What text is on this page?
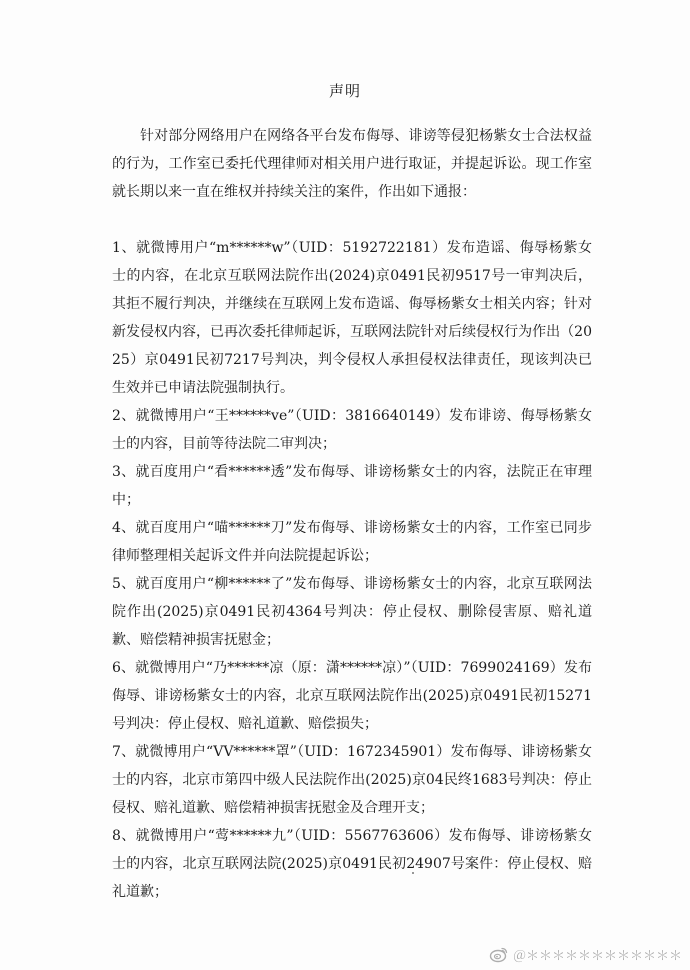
声明

针对部分网络用户在网络各平台发布侮辱、诽谤等侵犯杨紫女士合法权益的行为，工作室已委托代理律师对相关用户进行取证，并提起诉讼。现工作室就长期以来一直在维权并持续关注的案件，作出如下通报：

1、就微博用户“m******w”（UID：5192722181）发布造谣、侮辱杨紫女士的内容，在北京互联网法院作出(2024)京0491民初9517号一审判决后，其拒不履行判决，并继续在互联网上发布造谣、侮辱杨紫女士相关内容；针对新发侵权内容，已再次委托律师起诉，互联网法院针对后续侵权行为作出（2025）京0491民初7217号判决，判令侵权人承担侵权法律责任，现该判决已生效并已申请法院强制执行。

2、就微博用户“王******ve”（UID：3816640149）发布诽谤、侮辱杨紫女士的内容，目前等待法院二审判决；

3、就百度用户“看******透”发布侮辱、诽谤杨紫女士的内容，法院正在审理中；

4、就百度用户“喵******刀”发布侮辱、诽谤杨紫女士的内容，工作室已同步律师整理相关起诉文件并向法院提起诉讼；

5、就百度用户“柳******了”发布侮辱、诽谤杨紫女士的内容，北京互联网法院作出(2025)京0491民初4364号判决：停止侵权、删除侵害原、赔礼道歉、赔偿精神损害抚慰金；

6、就微博用户“乃******凉（原：潇******凉）”（UID：7699024169）发布侮辱、诽谤杨紫女士的内容，北京互联网法院作出(2025)京0491民初15271号判决：停止侵权、赔礼道歉、赔偿损失；

7、就微博用户“VV******罩”（UID：1672345901）发布侮辱、诽谤杨紫女士的内容，北京市第四中级人民法院作出(2025)京04民终1683号判决：停止侵权、赔礼道歉、赔偿精神损害抚慰金及合理开支；

8、就微博用户“莺******九”（UID：5567763606）发布侮辱、诽谤杨紫女士的内容，北京互联网法院(2025)京0491民初24907号案件：停止侵权、赔礼道歉；

＠＊＊＊＊＊＊＊＊＊＊＊＊
